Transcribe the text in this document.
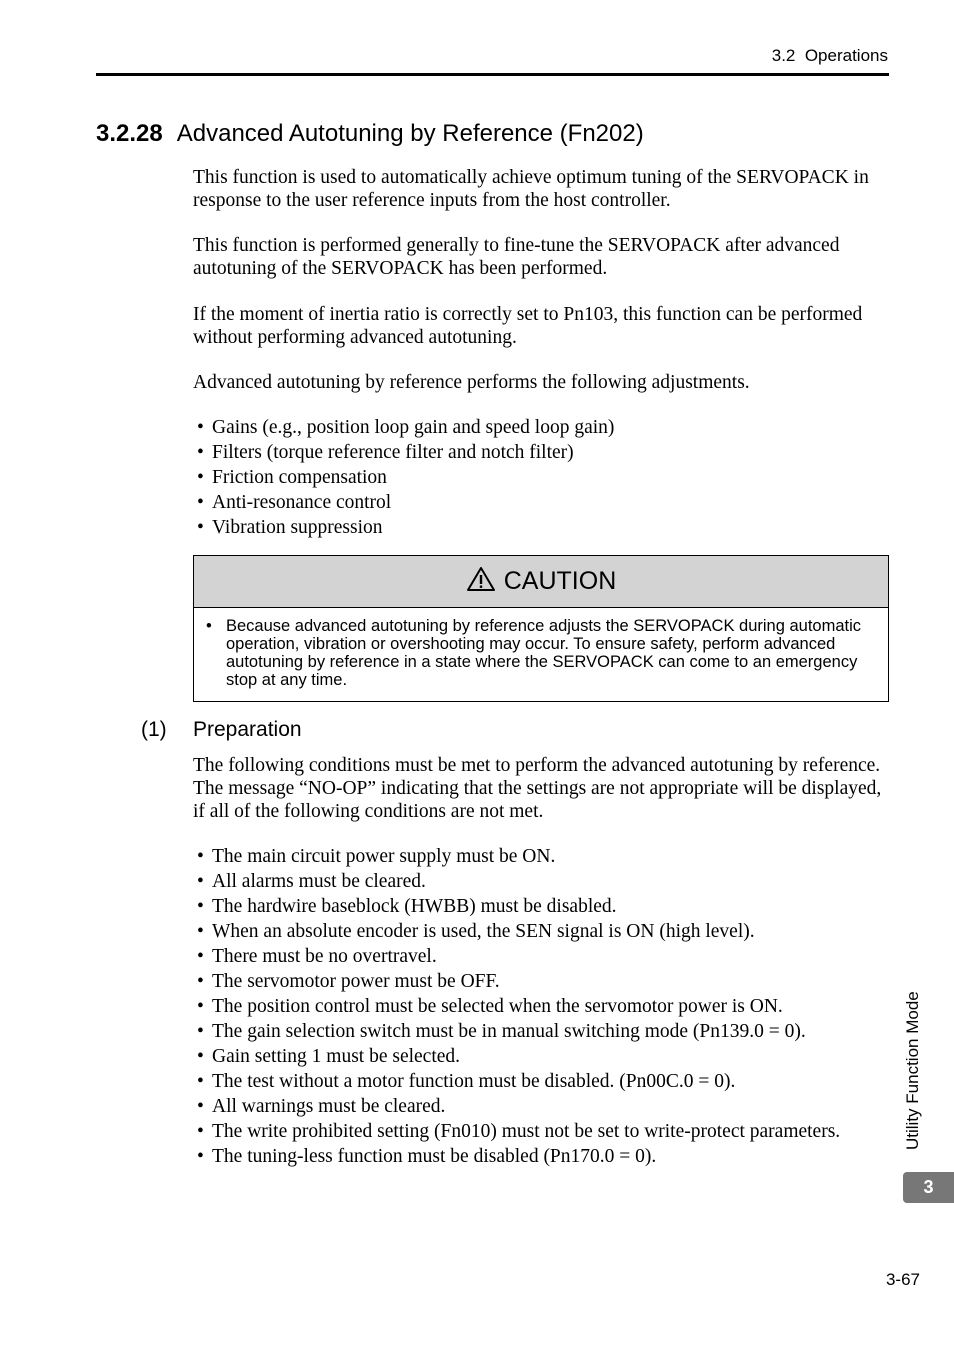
3.2  Operations
3.2.28 Advanced Autotuning by Reference (Fn202)
This function is used to automatically achieve optimum tuning of the SERVOPACK in response to the user reference inputs from the host controller.
This function is performed generally to fine-tune the SERVOPACK after advanced autotuning of the SERVOPACK has been performed.
If the moment of inertia ratio is correctly set to Pn103, this function can be performed without performing advanced autotuning.
Advanced autotuning by reference performs the following adjustments.
• Gains (e.g., position loop gain and speed loop gain)
• Filters (torque reference filter and notch filter)
• Friction compensation
• Anti-resonance control
• Vibration suppression
CAUTION
• Because advanced autotuning by reference adjusts the SERVOPACK during automatic operation, vibration or overshooting may occur. To ensure safety, perform advanced autotuning by reference in a state where the SERVOPACK can come to an emergency stop at any time.
(1) Preparation
The following conditions must be met to perform the advanced autotuning by reference. The message “NO-OP” indicating that the settings are not appropriate will be displayed, if all of the following conditions are not met.
• The main circuit power supply must be ON.
• All alarms must be cleared.
• The hardwire baseblock (HWBB) must be disabled.
• When an absolute encoder is used, the SEN signal is ON (high level).
• There must be no overtravel.
• The servomotor power must be OFF.
• The position control must be selected when the servomotor power is ON.
• The gain selection switch must be in manual switching mode (Pn139.0 = 0).
• Gain setting 1 must be selected.
• The test without a motor function must be disabled. (Pn00C.0 = 0).
• All warnings must be cleared.
• The write prohibited setting (Fn010) must not be set to write-protect parameters.
• The tuning-less function must be disabled (Pn170.0 = 0).
Utility Function Mode
3
3-67
